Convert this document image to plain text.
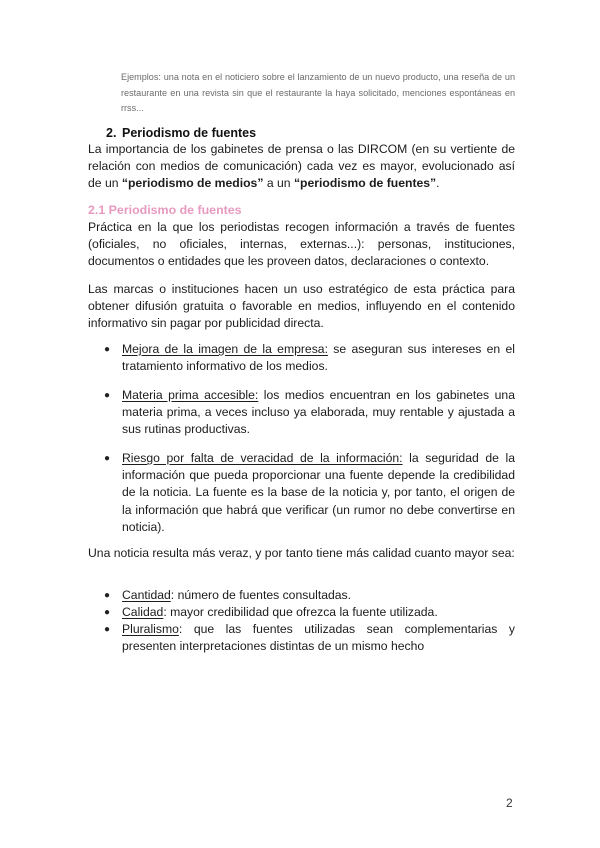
Ejemplos: una nota en el noticiero sobre el lanzamiento de un nuevo producto, una reseña de un restaurante en una revista sin que el restaurante la haya solicitado, menciones espontáneas en rrss...
2. Periodismo de fuentes
La importancia de los gabinetes de prensa o las DIRCOM (en su vertiente de relación con medios de comunicación) cada vez es mayor, evolucionado así de un “periodismo de medios” a un “periodismo de fuentes”.
2.1 Periodismo de fuentes
Práctica en la que los periodistas recogen información a través de fuentes (oficiales, no oficiales, internas, externas...): personas, instituciones, documentos o entidades que les proveen datos, declaraciones o contexto.
Las marcas o instituciones hacen un uso estratégico de esta práctica para obtener difusión gratuita o favorable en medios, influyendo en el contenido informativo sin pagar por publicidad directa.
● Mejora de la imagen de la empresa: se aseguran sus intereses en el tratamiento informativo de los medios.
● Materia prima accesible: los medios encuentran en los gabinetes una materia prima, a veces incluso ya elaborada, muy rentable y ajustada a sus rutinas productivas.
● Riesgo por falta de veracidad de la información: la seguridad de la información que pueda proporcionar una fuente depende la credibilidad de la noticia. La fuente es la base de la noticia y, por tanto, el origen de la información que habrá que verificar (un rumor no debe convertirse en noticia).
Una noticia resulta más veraz, y por tanto tiene más calidad cuanto mayor sea:
● Cantidad: número de fuentes consultadas.
● Calidad: mayor credibilidad que ofrezca la fuente utilizada.
● Pluralismo: que las fuentes utilizadas sean complementarias y presenten interpretaciones distintas de un mismo hecho
2
